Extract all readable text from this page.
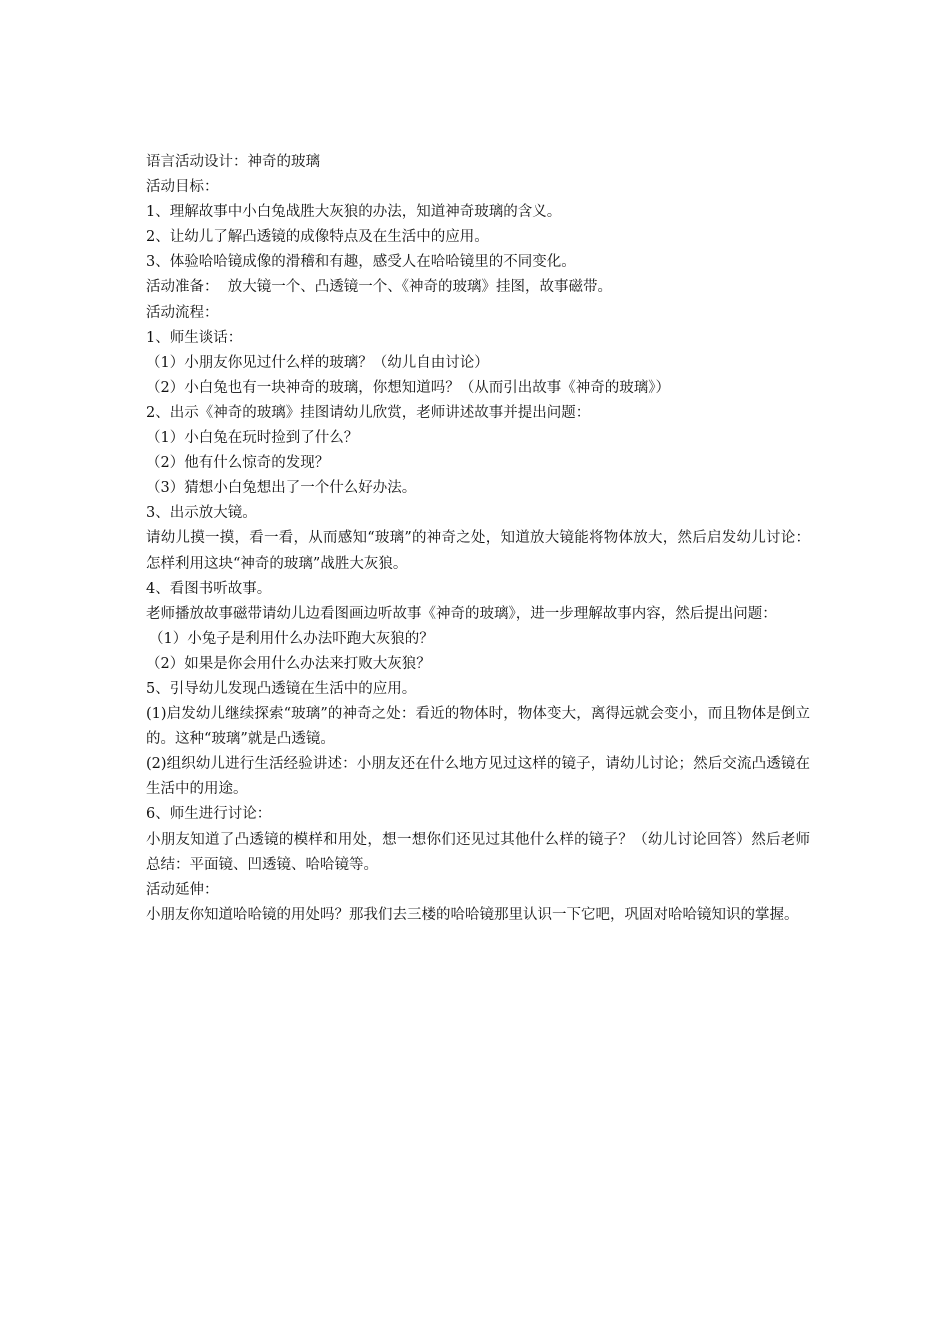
语言活动设计：神奇的玻璃
活动目标：
1、理解故事中小白兔战胜大灰狼的办法，知道神奇玻璃的含义。
2、让幼儿了解凸透镜的成像特点及在生活中的应用。
3、体验哈哈镜成像的滑稽和有趣，感受人在哈哈镜里的不同变化。
活动准备：  放大镜一个、凸透镜一个、《神奇的玻璃》挂图，故事磁带。
活动流程：
1、师生谈话：
（1）小朋友你见过什么样的玻璃？（幼儿自由讨论）
（2）小白兔也有一块神奇的玻璃，你想知道吗？（从而引出故事《神奇的玻璃》）
2、出示《神奇的玻璃》挂图请幼儿欣赏，老师讲述故事并提出问题：
（1）小白兔在玩时捡到了什么？
（2）他有什么惊奇的发现？
（3）猜想小白兔想出了一个什么好办法。
3、出示放大镜。
请幼儿摸一摸，看一看，从而感知“玻璃”的神奇之处，知道放大镜能将物体放大，然后启发幼儿讨论：怎样利用这块“神奇的玻璃”战胜大灰狼。
4、看图书听故事。
老师播放故事磁带请幼儿边看图画边听故事《神奇的玻璃》，进一步理解故事内容，然后提出问题：
（1）小兔子是利用什么办法吓跑大灰狼的？
（2）如果是你会用什么办法来打败大灰狼？
5、引导幼儿发现凸透镜在生活中的应用。
(1)启发幼儿继续探索“玻璃”的神奇之处：看近的物体时，物体变大，离得远就会变小，而且物体是倒立的。这种“玻璃”就是凸透镜。
(2)组织幼儿进行生活经验讲述：小朋友还在什么地方见过这样的镜子，请幼儿讨论；然后交流凸透镜在生活中的用途。
6、师生进行讨论：
小朋友知道了凸透镜的模样和用处，想一想你们还见过其他什么样的镜子？（幼儿讨论回答）然后老师总结：平面镜、凹透镜、哈哈镜等。
活动延伸：
小朋友你知道哈哈镜的用处吗？那我们去三楼的哈哈镜那里认识一下它吧，巩固对哈哈镜知识的掌握。
